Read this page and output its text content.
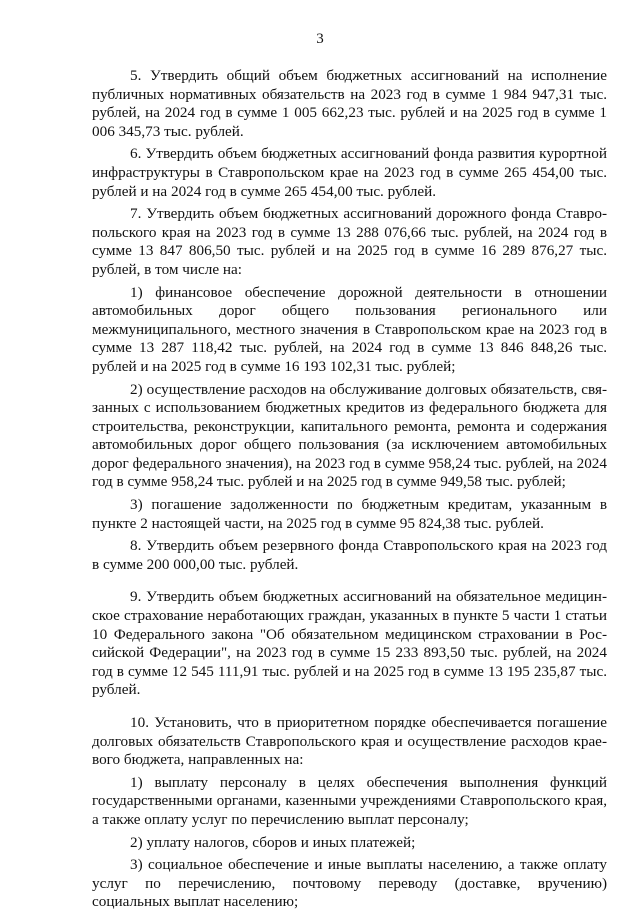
3

5. Утвердить общий объем бюджетных ассигнований на исполнение публичных нормативных обязательств на 2023 год в сумме 1 984 947,31 тыс. рублей, на 2024 год в сумме 1 005 662,23 тыс. рублей и на 2025 год в сумме 1 006 345,73 тыс. рублей.

6. Утвердить объем бюджетных ассигнований фонда развития курортной инфраструктуры в Ставропольском крае на 2023 год в сумме 265 454,00 тыс. рублей и на 2024 год в сумме 265 454,00 тыс. рублей.

7. Утвердить объем бюджетных ассигнований дорожного фонда Ставропольского края на 2023 год в сумме 13 288 076,66 тыс. рублей, на 2024 год в сумме 13 847 806,50 тыс. рублей и на 2025 год в сумме 16 289 876,27 тыс. рублей, в том числе на:

1) финансовое обеспечение дорожной деятельности в отношении автомобильных дорог общего пользования регионального или межмуниципального, местного значения в Ставропольском крае на 2023 год в сумме 13 287 118,42 тыс. рублей, на 2024 год в сумме 13 846 848,26 тыс. рублей и на 2025 год в сумме 16 193 102,31 тыс. рублей;

2) осуществление расходов на обслуживание долговых обязательств, связанных с использованием бюджетных кредитов из федерального бюджета для строительства, реконструкции, капитального ремонта, ремонта и содержания автомобильных дорог общего пользования (за исключением автомобильных дорог федерального значения), на 2023 год в сумме 958,24 тыс. рублей, на 2024 год в сумме 958,24 тыс. рублей и на 2025 год в сумме 949,58 тыс. рублей;

3) погашение задолженности по бюджетным кредитам, указанным в пункте 2 настоящей части, на 2025 год в сумме 95 824,38 тыс. рублей.

8. Утвердить объем резервного фонда Ставропольского края на 2023 год в сумме 200 000,00 тыс. рублей.

9. Утвердить объем бюджетных ассигнований на обязательное медицинское страхование неработающих граждан, указанных в пункте 5 части 1 статьи 10 Федерального закона "Об обязательном медицинском страховании в Российской Федерации", на 2023 год в сумме 15 233 893,50 тыс. рублей, на 2024 год в сумме 12 545 111,91 тыс. рублей и на 2025 год в сумме 13 195 235,87 тыс. рублей.

10. Установить, что в приоритетном порядке обеспечивается погашение долговых обязательств Ставропольского края и осуществление расходов краевого бюджета, направленных на:

1) выплату персоналу в целях обеспечения выполнения функций государственными органами, казенными учреждениями Ставропольского края, а также оплату услуг по перечислению выплат персоналу;

2) уплату налогов, сборов и иных платежей;

3) социальное обеспечение и иные выплаты населению, а также оплату услуг по перечислению, почтовому переводу (доставке, вручению) социальных выплат населению;
